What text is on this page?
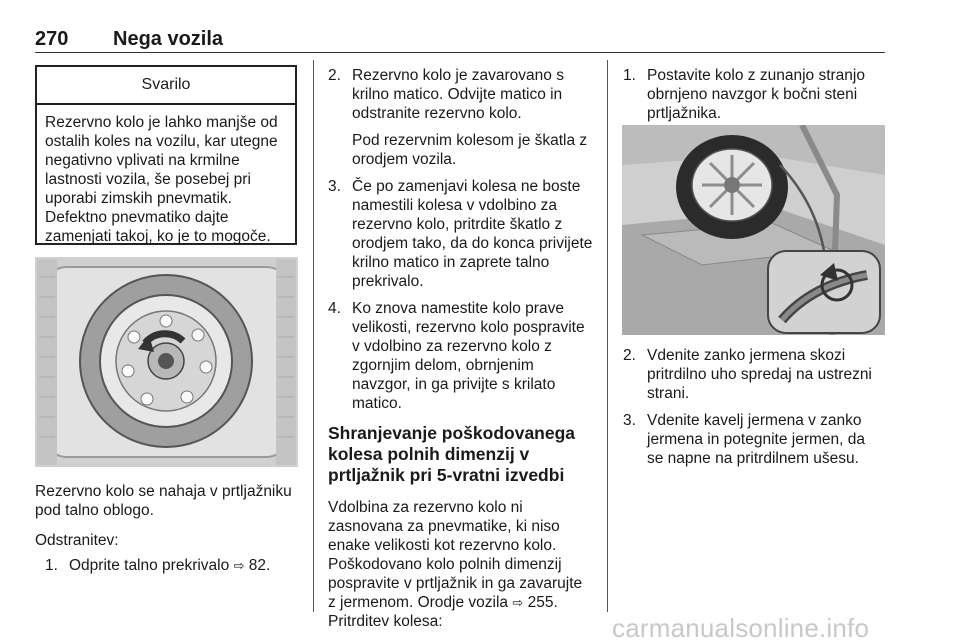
270 Nega vozila
Svarilo
Rezervno kolo je lahko manjše od ostalih koles na vozilu, kar utegne negativno vplivati na krmilne lastnosti vozila, še posebej pri uporabi zimskih pnevmatik. Defektno pnevmatiko dajte zamenjati takoj, ko je to mogoče.

Rezervno kolo se nahaja v prtljažniku pod talno oblogo.

Odstranitev:

1. Odprite talno prekrivalo ⇨ 82.
2. Rezervno kolo je zavarovano s krilno matico. Odvijte matico in odstranite rezervno kolo.

Pod rezervnim kolesom je škatla z orodjem vozila.

3. Če po zamenjavi kolesa ne boste namestili kolesa v vdolbino za rezervno kolo, pritrdite škatlo z orodjem tako, da do konca privijete krilno matico in zaprete talno prekrivalo.

4. Ko znova namestite kolo prave velikosti, rezervno kolo pospravite v vdolbino za rezervno kolo z zgornjim delom, obrnjenim navzgor, in ga privijte s krilato matico.

Shranjevanje poškodovanega kolesa polnih dimenzij v prtljažnik pri 5-vratni izvedbi

Vdolbina za rezervno kolo ni zasnovana za pnevmatike, ki niso enake velikosti kot rezervno kolo. Poškodovano kolo polnih dimenzij pospravite v prtljažnik in ga zavarujte z jermenom. Orodje vozila ⇨ 255.

Pritrditev kolesa:

1. Postavite kolo z zunanjo stranjo obrnjeno navzgor k bočni steni prtljažnika.

2. Vdenite zanko jermena skozi pritrdilno uho spredaj na ustrezni strani.

3. Vdenite kavelj jermena v zanko jermena in potegnite jermen, da se napne na pritrdilnem ušesu.

carmanualsonline.info
